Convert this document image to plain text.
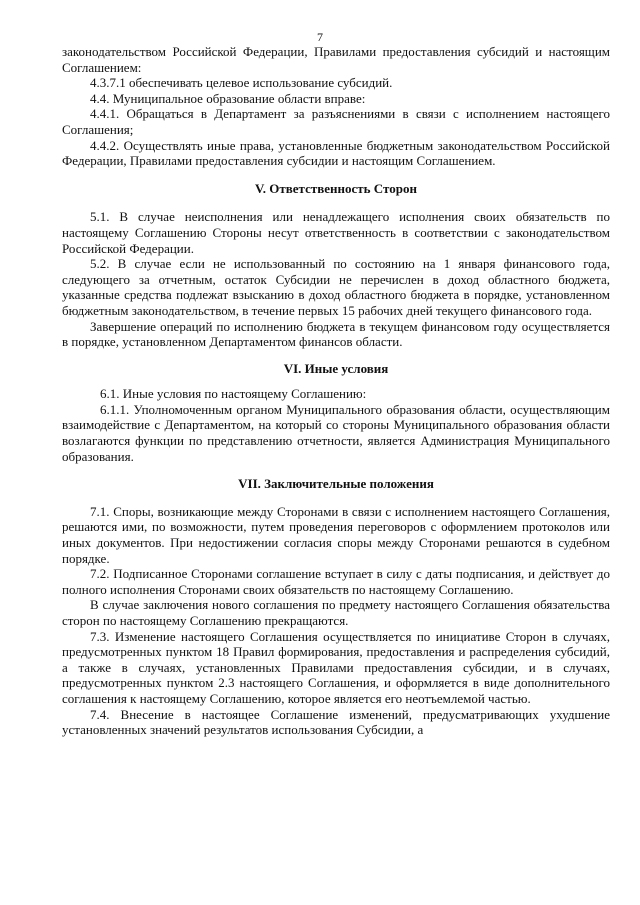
7

законодательством Российской Федерации, Правилами предоставления субсидий и настоящим Соглашением:

4.3.7.1 обеспечивать целевое использование субсидий.

4.4. Муниципальное образование области вправе:

4.4.1. Обращаться в Департамент за разъяснениями в связи с исполнением настоящего Соглашения;

4.4.2. Осуществлять иные права, установленные бюджетным законодательством Российской Федерации, Правилами предоставления субсидии и настоящим Соглашением.

V. Ответственность Сторон

5.1. В случае неисполнения или ненадлежащего исполнения своих обязательств по настоящему Соглашению Стороны несут ответственность в соответствии с законодательством Российской Федерации.

5.2. В случае если не использованный по состоянию на 1 января финансового года, следующего за отчетным, остаток Субсидии не перечислен в доход областного бюджета, указанные средства подлежат взысканию в доход областного бюджета в порядке, установленном бюджетным законодательством, в течение первых 15 рабочих дней текущего финансового года.

Завершение операций по исполнению бюджета в текущем финансовом году осуществляется в порядке, установленном Департаментом финансов области.

VI. Иные условия

6.1. Иные условия по настоящему Соглашению:

6.1.1. Уполномоченным органом Муниципального образования области, осуществляющим взаимодействие с Департаментом, на который со стороны Муниципального образования области возлагаются функции по представлению отчетности, является Администрация Муниципального образования.

VII. Заключительные положения

7.1. Споры, возникающие между Сторонами в связи с исполнением настоящего Соглашения, решаются ими, по возможности, путем проведения переговоров с оформлением протоколов или иных документов. При недостижении согласия споры между Сторонами решаются в судебном порядке.

7.2. Подписанное Сторонами соглашение вступает в силу с даты подписания, и действует до полного исполнения Сторонами своих обязательств по настоящему Соглашению.

В случае заключения нового соглашения по предмету настоящего Соглашения обязательства сторон по настоящему Соглашению прекращаются.

7.3. Изменение настоящего Соглашения осуществляется по инициативе Сторон в случаях, предусмотренных пунктом 18 Правил формирования, предоставления и распределения субсидий, а также в случаях, установленных Правилами предоставления субсидии, и в случаях, предусмотренных пунктом 2.3 настоящего Соглашения, и оформляется в виде дополнительного соглашения к настоящему Соглашению, которое является его неотъемлемой частью.

7.4. Внесение в настоящее Соглашение изменений, предусматривающих ухудшение установленных значений результатов использования Субсидии, а
